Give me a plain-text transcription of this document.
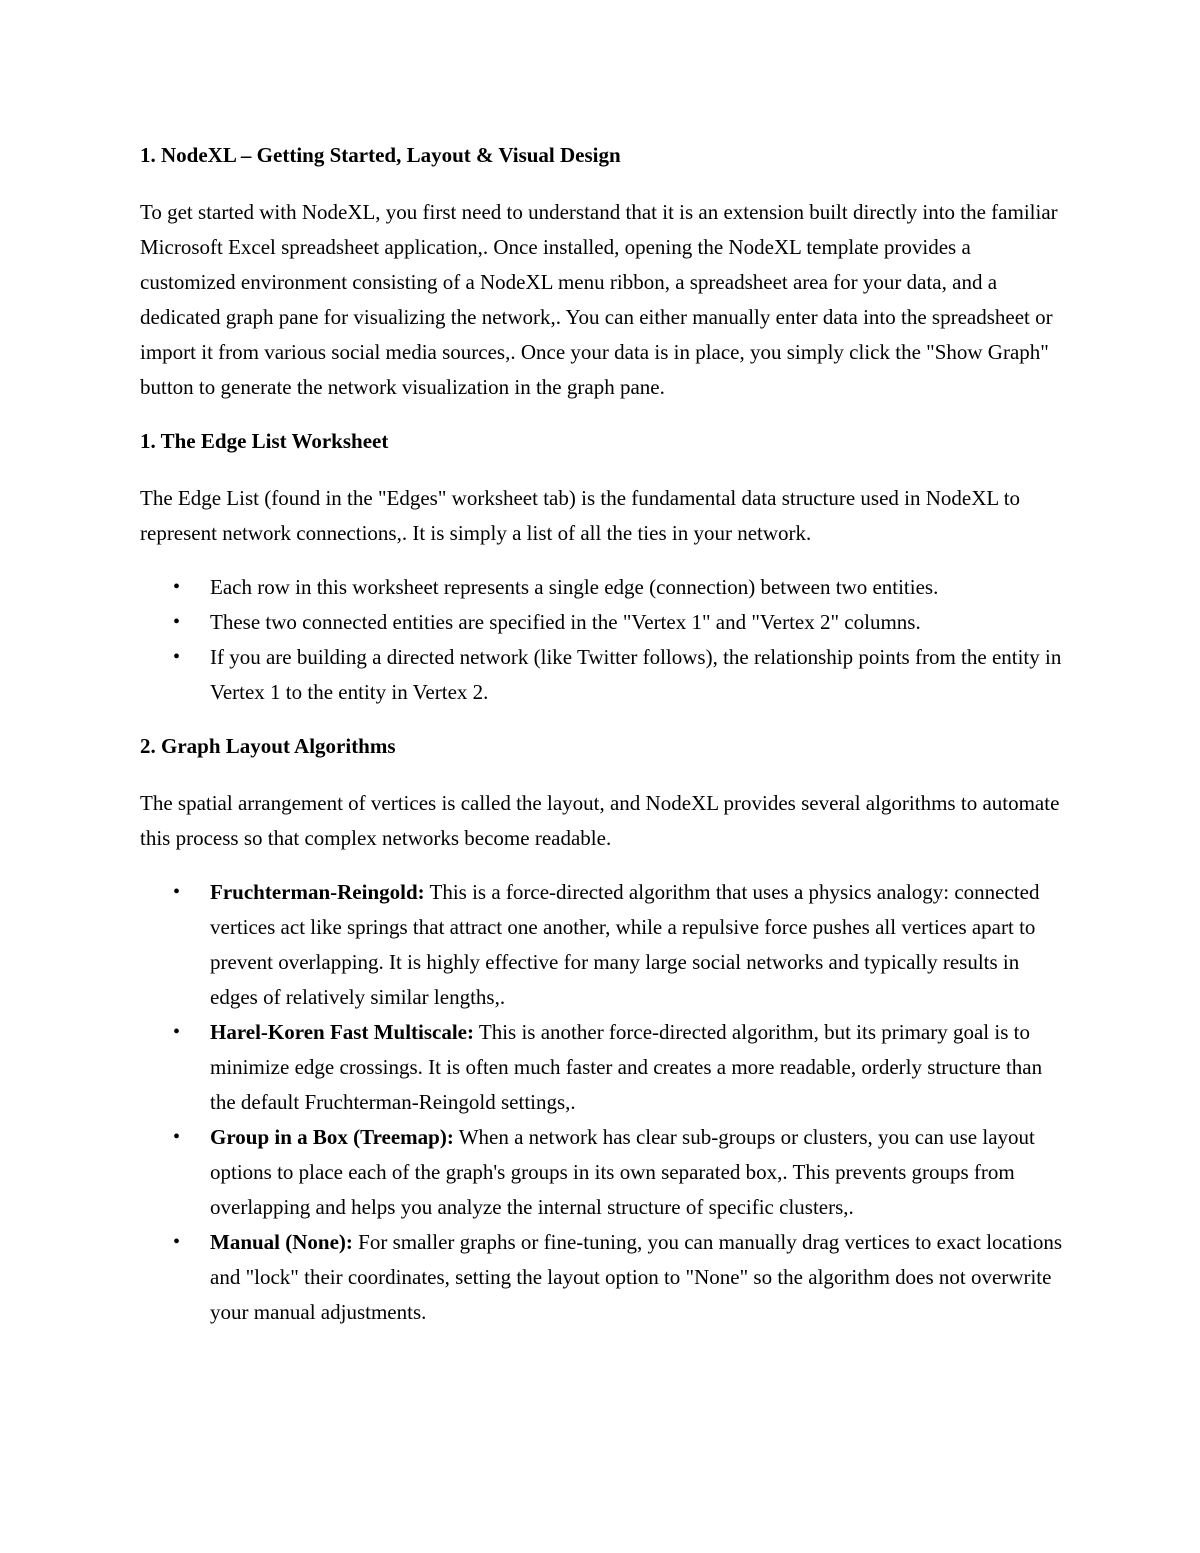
1. NodeXL – Getting Started, Layout & Visual Design
To get started with NodeXL, you first need to understand that it is an extension built directly into the familiar Microsoft Excel spreadsheet application,. Once installed, opening the NodeXL template provides a customized environment consisting of a NodeXL menu ribbon, a spreadsheet area for your data, and a dedicated graph pane for visualizing the network,. You can either manually enter data into the spreadsheet or import it from various social media sources,. Once your data is in place, you simply click the "Show Graph" button to generate the network visualization in the graph pane.
1. The Edge List Worksheet
The Edge List (found in the "Edges" worksheet tab) is the fundamental data structure used in NodeXL to represent network connections,. It is simply a list of all the ties in your network.
• Each row in this worksheet represents a single edge (connection) between two entities.
• These two connected entities are specified in the "Vertex 1" and "Vertex 2" columns.
• If you are building a directed network (like Twitter follows), the relationship points from the entity in Vertex 1 to the entity in Vertex 2.
2. Graph Layout Algorithms
The spatial arrangement of vertices is called the layout, and NodeXL provides several algorithms to automate this process so that complex networks become readable.
• Fruchterman-Reingold: This is a force-directed algorithm that uses a physics analogy: connected vertices act like springs that attract one another, while a repulsive force pushes all vertices apart to prevent overlapping. It is highly effective for many large social networks and typically results in edges of relatively similar lengths,.
• Harel-Koren Fast Multiscale: This is another force-directed algorithm, but its primary goal is to minimize edge crossings. It is often much faster and creates a more readable, orderly structure than the default Fruchterman-Reingold settings,.
• Group in a Box (Treemap): When a network has clear sub-groups or clusters, you can use layout options to place each of the graph's groups in its own separated box,. This prevents groups from overlapping and helps you analyze the internal structure of specific clusters,.
• Manual (None): For smaller graphs or fine-tuning, you can manually drag vertices to exact locations and "lock" their coordinates, setting the layout option to "None" so the algorithm does not overwrite your manual adjustments.
